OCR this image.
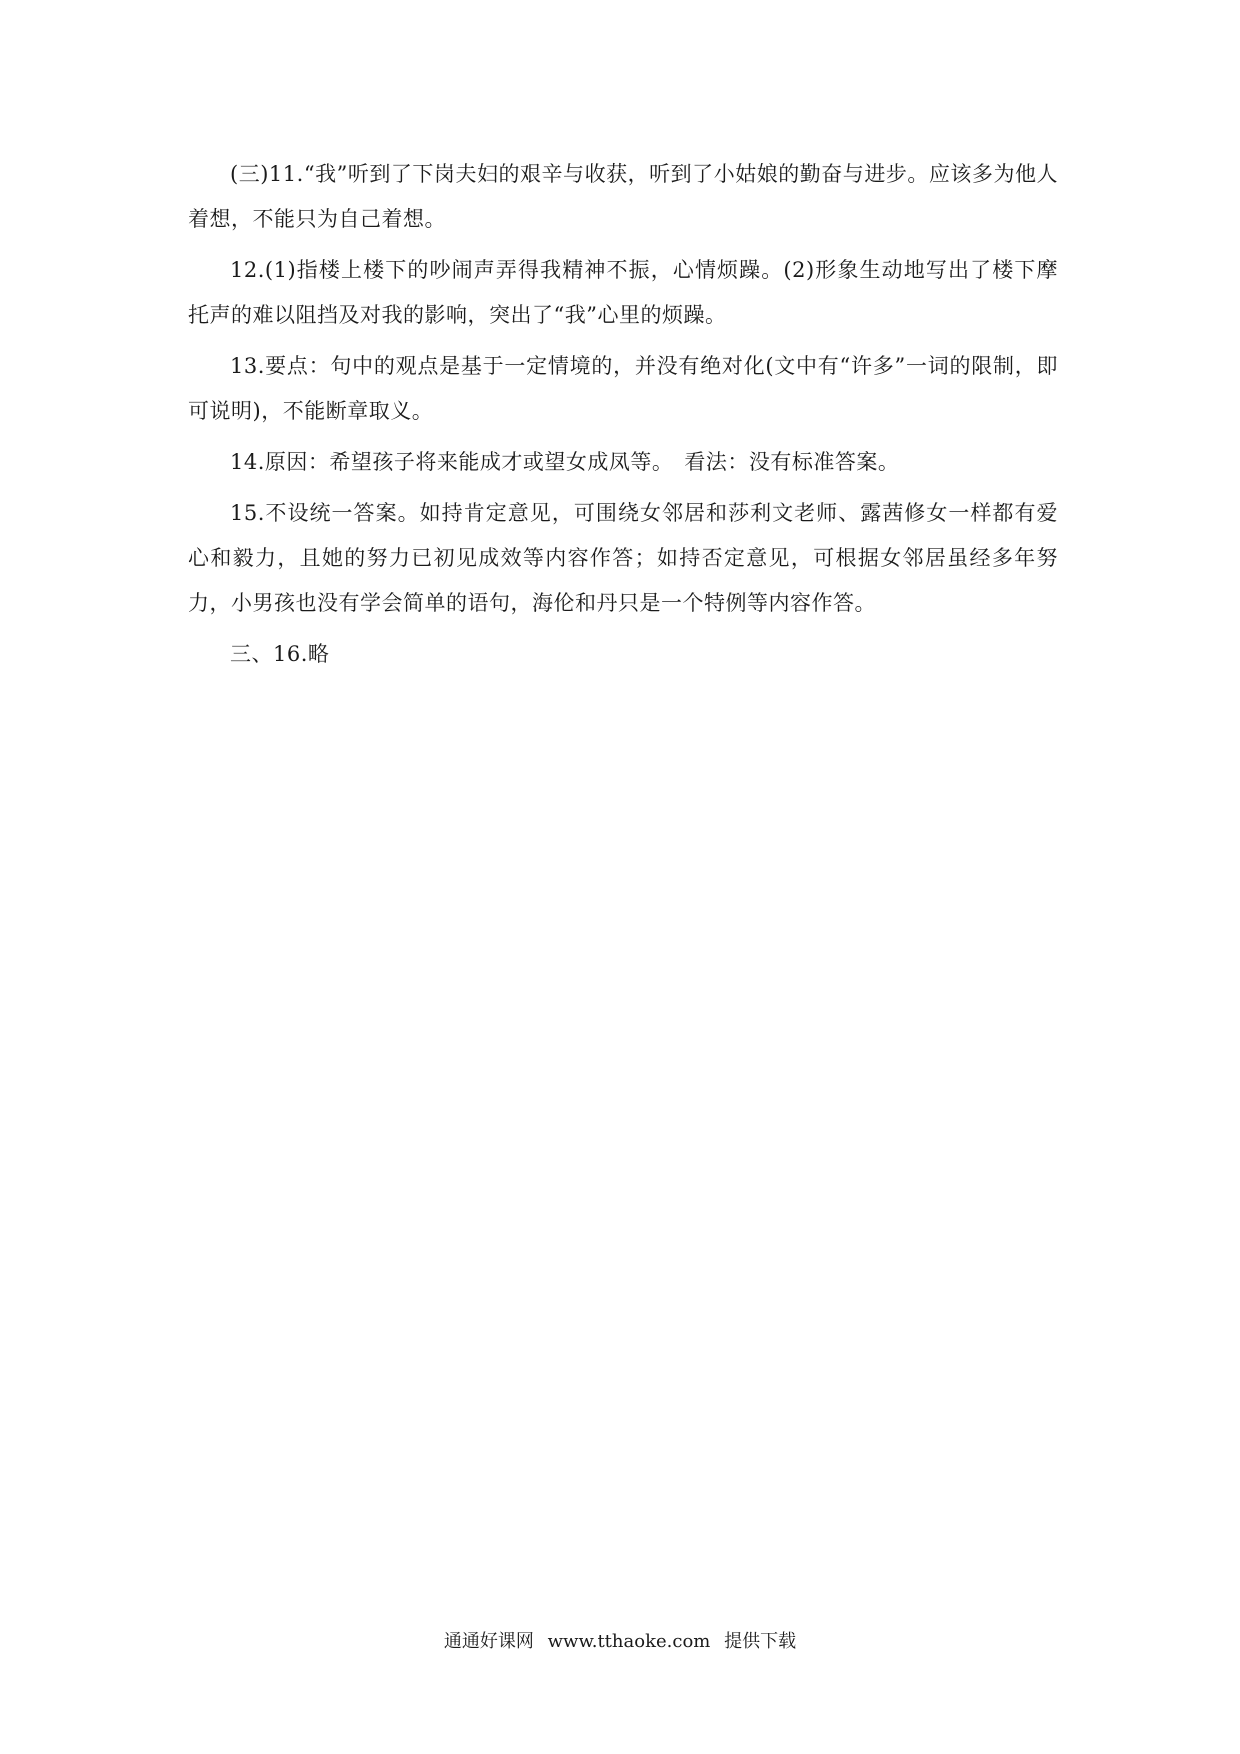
(三)11.“我”听到了下岗夫妇的艰辛与收获，听到了小姑娘的勤奋与进步。应该多为他人着想，不能只为自己着想。

12.(1)指楼上楼下的吵闹声弄得我精神不振，心情烦躁。(2)形象生动地写出了楼下摩托声的难以阻挡及对我的影响，突出了“我”心里的烦躁。

13.要点：句中的观点是基于一定情境的，并没有绝对化(文中有“许多”一词的限制，即可说明)，不能断章取义。

14.原因：希望孩子将来能成才或望女成凤等。　看法：没有标准答案。

15.不设统一答案。如持肯定意见，可围绕女邻居和莎利文老师、露茜修女一样都有爱心和毅力，且她的努力已初见成效等内容作答；如持否定意见，可根据女邻居虽经多年努力，小男孩也没有学会简单的语句，海伦和丹只是一个特例等内容作答。

三、16.略

通通好课网 www.tthaoke.com 提供下载
